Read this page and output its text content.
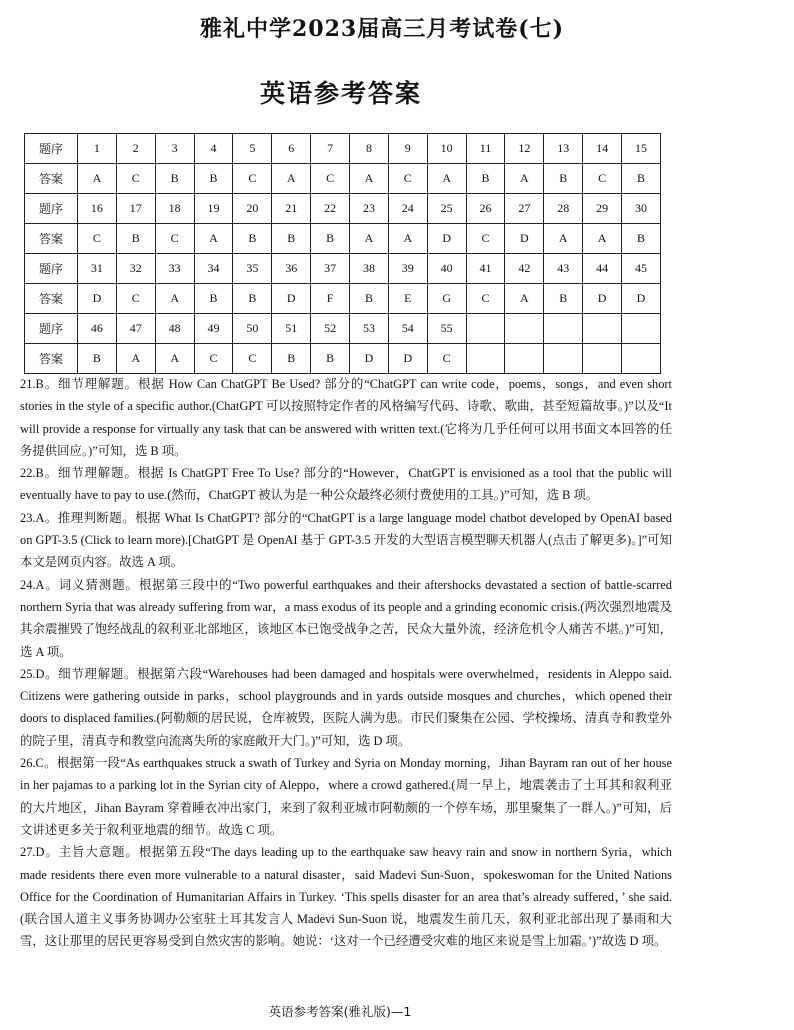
雅礼中学2023届高三月考试卷(七)
英语参考答案
题序	1	2	3	4	5	6	7	8	9	10	11	12	13	14	15
答案	A	C	B	B	C	A	C	A	C	A	B	A	B	C	B
题序	16	17	18	19	20	21	22	23	24	25	26	27	28	29	30
答案	C	B	C	A	B	B	B	A	A	D	C	D	A	A	B
题序	31	32	33	34	35	36	37	38	39	40	41	42	43	44	45
答案	D	C	A	B	B	D	F	B	E	G	C	A	B	D	D
题序	46	47	48	49	50	51	52	53	54	55					
答案	B	A	A	C	C	B	B	D	D	C					

21.B。细节理解题。根据 How Can ChatGPT Be Used? 部分的“ChatGPT can write code，poems，songs，and even short stories in the style of a specific author.(ChatGPT 可以按照特定作者的风格编写代码、诗歌、歌曲，甚至短篇故事。)”以及“It will provide a response for virtually any task that can be answered with written text.(它将为几乎任何可以用书面文本回答的任务提供回应。)”可知，选 B 项。

22.B。细节理解题。根据 Is ChatGPT Free To Use? 部分的“However，ChatGPT is envisioned as a tool that the public will eventually have to pay to use.(然而，ChatGPT 被认为是一种公众最终必须付费使用的工具。)”可知，选 B 项。

23.A。推理判断题。根据 What Is ChatGPT? 部分的“ChatGPT is a large language model chatbot developed by OpenAI based on GPT-3.5 (Click to learn more).[ChatGPT 是 OpenAI 基于 GPT-3.5 开发的大型语言模型聊天机器人(点击了解更多)。]”可知本文是网页内容。故选 A 项。

24.A。词义猜测题。根据第三段中的“Two powerful earthquakes and their aftershocks devastated a section of battle-scarred northern Syria that was already suffering from war，a mass exodus of its people and a grinding economic crisis.(两次强烈地震及其余震摧毁了饱经战乱的叙利亚北部地区，该地区本已饱受战争之苦，民众大量外流，经济危机令人痛苦不堪。)”可知，选 A 项。

25.D。细节理解题。根据第六段“Warehouses had been damaged and hospitals were overwhelmed，residents in Aleppo said. Citizens were gathering outside in parks，school playgrounds and in yards outside mosques and churches，which opened their doors to displaced families.(阿勒颇的居民说，仓库被毁，医院人满为患。市民们聚集在公园、学校操场、清真寺和教堂外的院子里，清真寺和教堂向流离失所的家庭敞开大门。)”可知，选 D 项。

26.C。根据第一段“As earthquakes struck a swath of Turkey and Syria on Monday morning，Jihan Bayram ran out of her house in her pajamas to a parking lot in the Syrian city of Aleppo，where a crowd gathered.(周一早上，地震袭击了土耳其和叙利亚的大片地区，Jihan Bayram 穿着睡衣冲出家门，来到了叙利亚城市阿勒颇的一个停车场，那里聚集了一群人。)”可知，后文讲述更多关于叙利亚地震的细节。故选 C 项。

27.D。主旨大意题。根据第五段“The days leading up to the earthquake saw heavy rain and snow in northern Syria，which made residents there even more vulnerable to a natural disaster，said Madevi Sun-Suon，spokeswoman for the United Nations Office for the Coordination of Humanitarian Affairs in Turkey. ‘This spells disaster for an area that’s already suffered，’ she said.(联合国人道主义事务协调办公室驻土耳其发言人 Madevi Sun-Suon 说，地震发生前几天，叙利亚北部出现了暴雨和大雪，这让那里的居民更容易受到自然灾害的影响。她说：‘这对一个已经遭受灾难的地区来说是雪上加霜。’)”故选 D 项。

英语参考答案(雅礼版)—1
